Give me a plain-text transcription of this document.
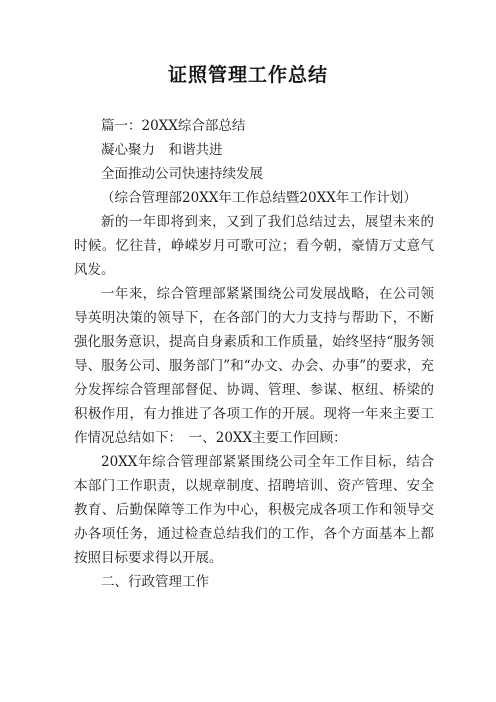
证照管理工作总结

篇一：20XX综合部总结

凝心聚力　和谐共进

全面推动公司快速持续发展

（综合管理部20XX年工作总结暨20XX年工作计划）

新的一年即将到来，又到了我们总结过去，展望未来的时候。忆往昔，峥嵘岁月可歌可泣；看今朝，豪情万丈意气风发。

一年来，综合管理部紧紧围绕公司发展战略，在公司领导英明决策的领导下，在各部门的大力支持与帮助下，不断强化服务意识，提高自身素质和工作质量，始终坚持“服务领导、服务公司、服务部门”和“办文、办会、办事”的要求，充分发挥综合管理部督促、协调、管理、参谋、枢纽、桥梁的积极作用，有力推进了各项工作的开展。现将一年来主要工作情况总结如下：　一、20XX主要工作回顾：

20XX年综合管理部紧紧围绕公司全年工作目标，结合本部门工作职责，以规章制度、招聘培训、资产管理、安全教育、后勤保障等工作为中心，积极完成各项工作和领导交办各项任务，通过检查总结我们的工作，各个方面基本上都按照目标要求得以开展。

二、行政管理工作
